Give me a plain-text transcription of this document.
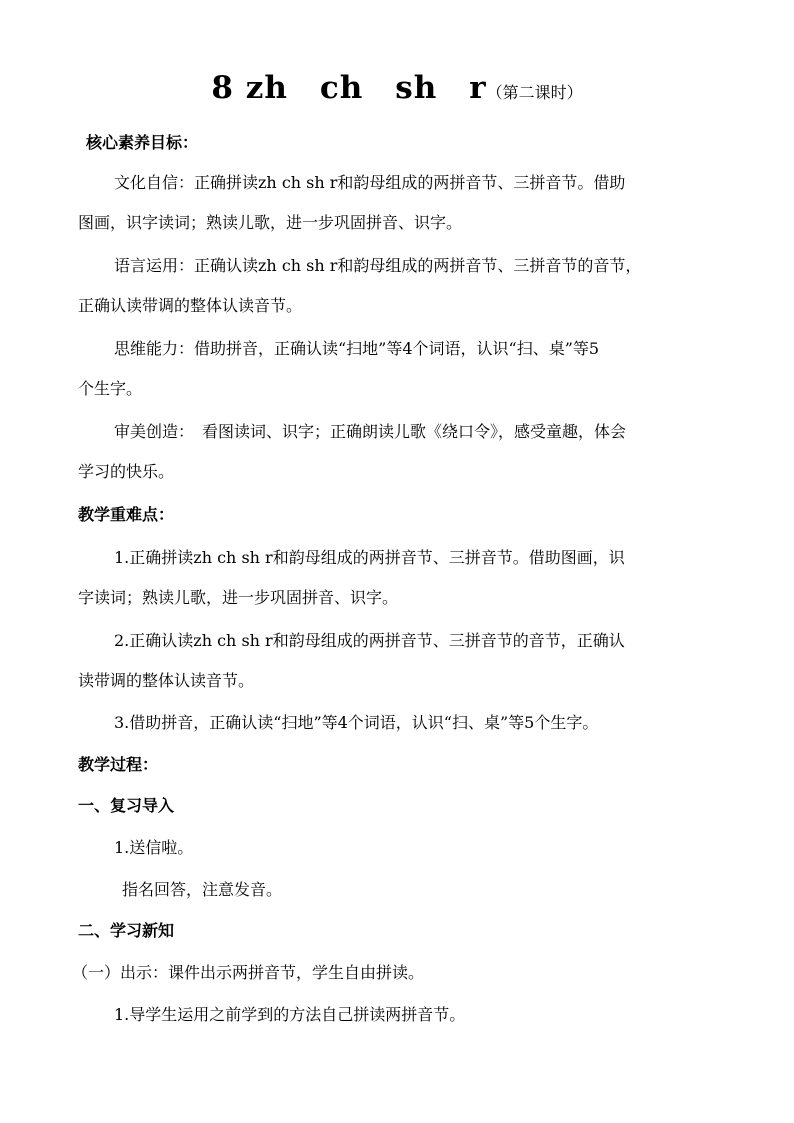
8 zh ch sh r（第二课时）
核心素养目标：
文化自信：正确拼读zh ch sh r和韵母组成的两拼音节、三拼音节。借助
图画，识字读词；熟读儿歌，进一步巩固拼音、识字。
语言运用：正确认读zh ch sh r和韵母组成的两拼音节、三拼音节的音节，
正确认读带调的整体认读音节。
思维能力：借助拼音，正确认读“扫地”等4个词语，认识“扫、桌”等5
个生字。
审美创造：　看图读词、识字；正确朗读儿歌《绕口令》，感受童趣，体会
学习的快乐。
教学重难点：
1.正确拼读zh ch sh r和韵母组成的两拼音节、三拼音节。借助图画，识
字读词；熟读儿歌，进一步巩固拼音、识字。
2.正确认读zh ch sh r和韵母组成的两拼音节、三拼音节的音节，正确认
读带调的整体认读音节。
3.借助拼音，正确认读“扫地”等4个词语，认识“扫、桌”等5个生字。
教学过程：
一、复习导入
1.送信啦。
指名回答，注意发音。
二、学习新知
（一）出示：课件出示两拼音节，学生自由拼读。
1.导学生运用之前学到的方法自己拼读两拼音节。
